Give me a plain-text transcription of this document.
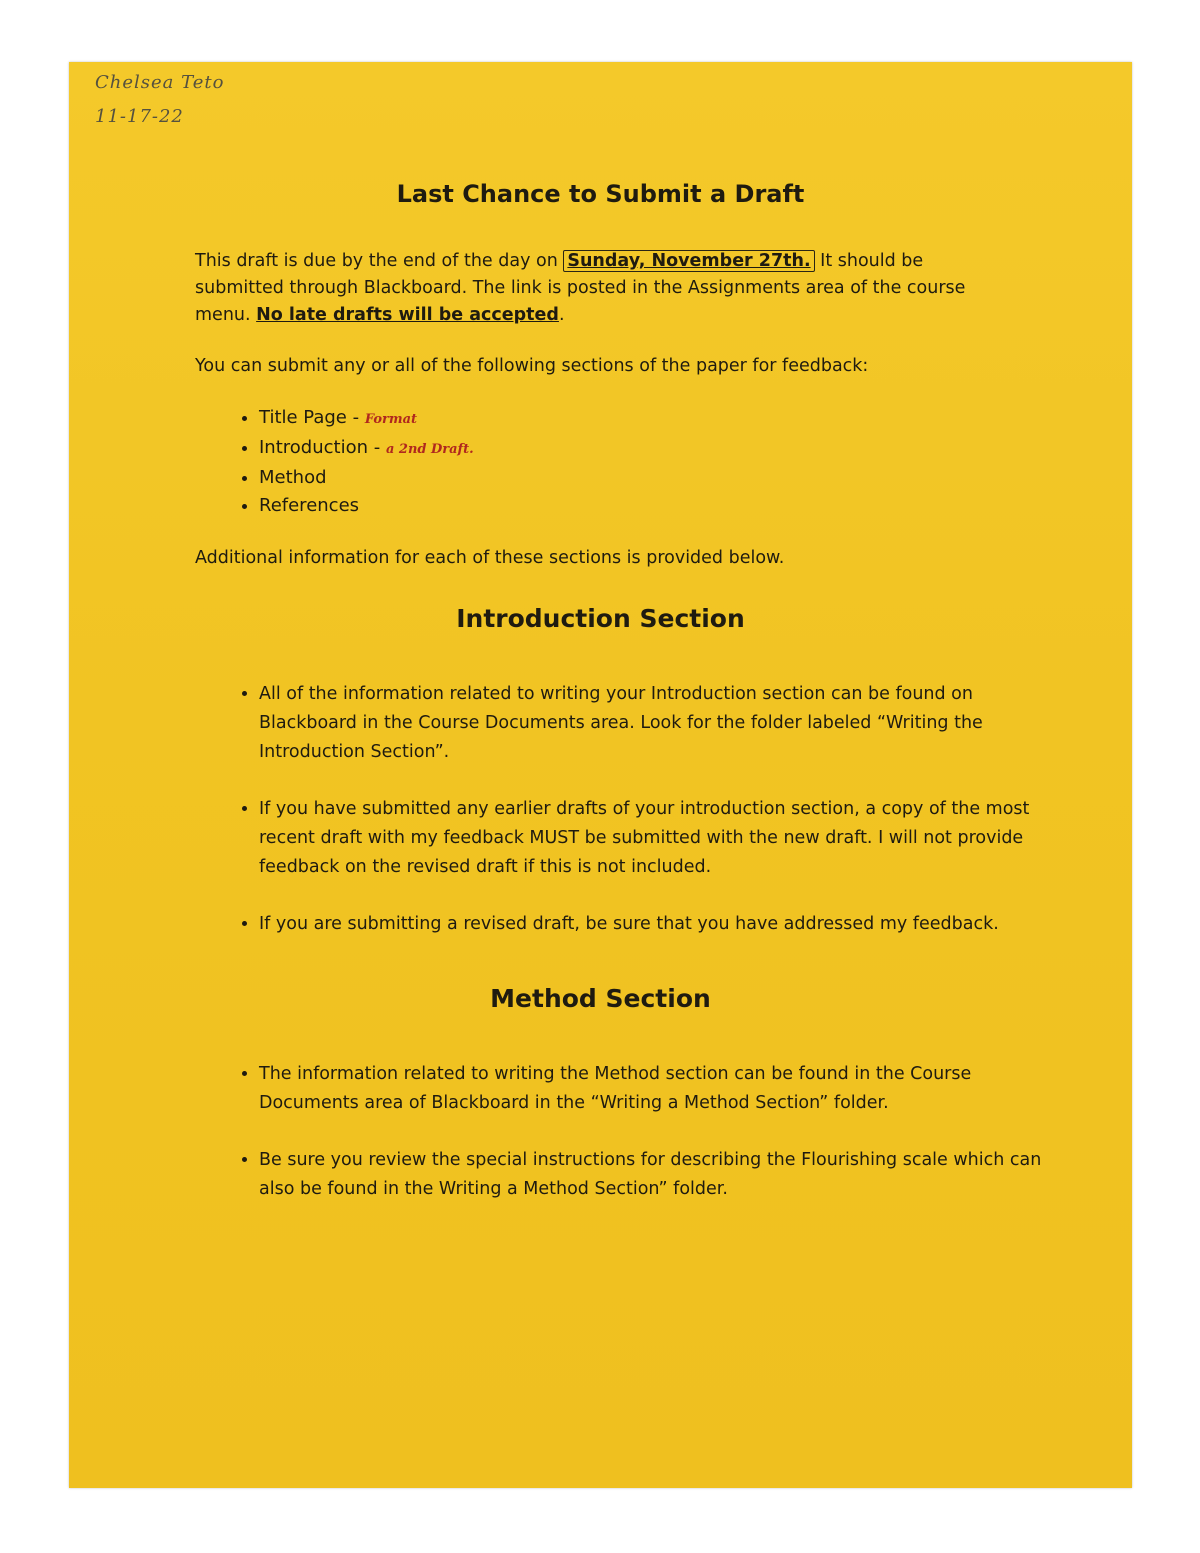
Chelsea Teto
11-17-22
Last Chance to Submit a Draft
This draft is due by the end of the day on Sunday, November 27th. It should be submitted through Blackboard. The link is posted in the Assignments area of the course menu. No late drafts will be accepted.
You can submit any or all of the following sections of the paper for feedback:
• Title Page - Format
• Introduction - a 2nd Draft.
• Method
• References
Additional information for each of these sections is provided below.
Introduction Section
• All of the information related to writing your Introduction section can be found on Blackboard in the Course Documents area. Look for the folder labeled “Writing the Introduction Section”.
• If you have submitted any earlier drafts of your introduction section, a copy of the most recent draft with my feedback MUST be submitted with the new draft. I will not provide feedback on the revised draft if this is not included.
• If you are submitting a revised draft, be sure that you have addressed my feedback.
Method Section
• The information related to writing the Method section can be found in the Course Documents area of Blackboard in the “Writing a Method Section” folder.
• Be sure you review the special instructions for describing the Flourishing scale which can also be found in the Writing a Method Section” folder.
